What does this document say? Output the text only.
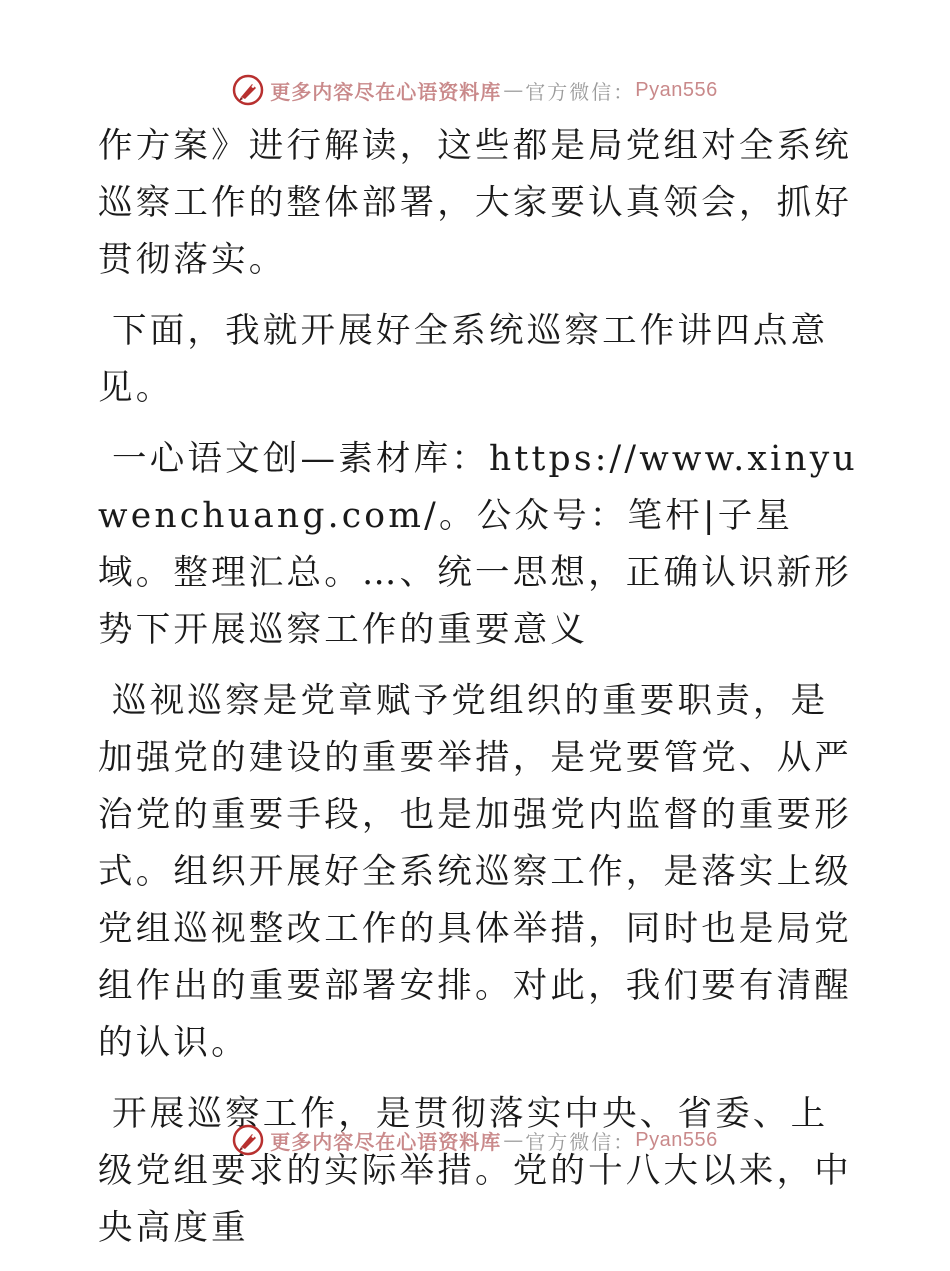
更多内容尽在心语资料库 — 官方微信： Pyan556

作方案》进行解读，这些都是局党组对全系统巡察工作的整体部署，大家要认真领会，抓好贯彻落实。

下面，我就开展好全系统巡察工作讲四点意见。

一心语文创—素材库：https://www.xinyuwenchuang.com/。公众号：笔杆|子星域。整理汇总。…、统一思想，正确认识新形势下开展巡察工作的重要意义

巡视巡察是党章赋予党组织的重要职责，是加强党的建设的重要举措，是党要管党、从严治党的重要手段，也是加强党内监督的重要形式。组织开展好全系统巡察工作，是落实上级党组巡视整改工作的具体举措，同时也是局党组作出的重要部署安排。对此，我们要有清醒的认识。

开展巡察工作，是贯彻落实中央、省委、上级党组要求的实际举措。党的十八大以来，中央高度重

更多内容尽在心语资料库 — 官方微信： Pyan556
